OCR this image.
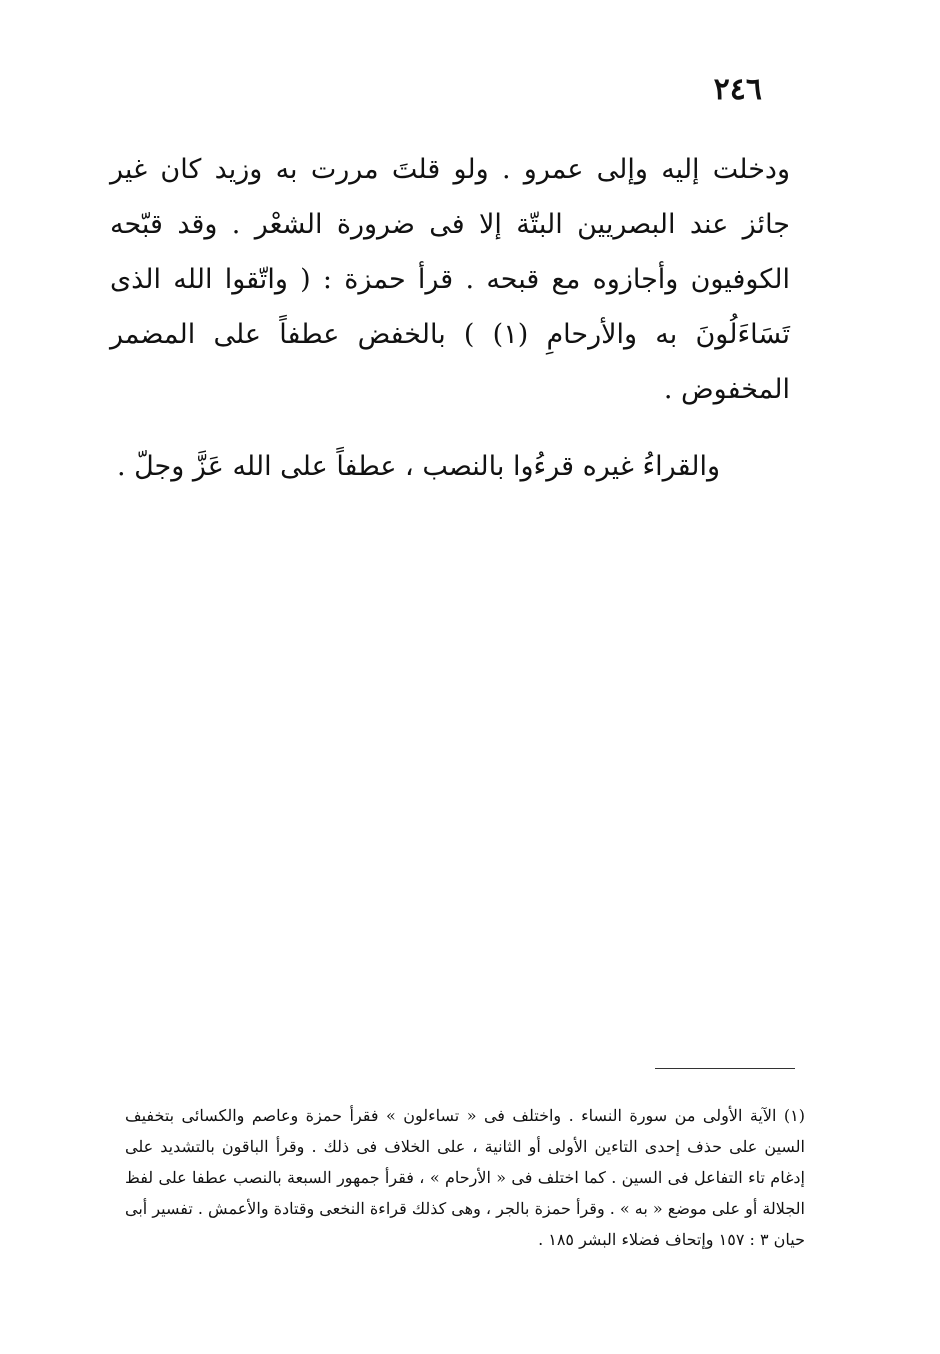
٢٤٦

ودخلت إليه وإلى عمرو . ولو قلتَ مررت به وزيد كان غير جائز عند البصريين البتّة إلا فى ضرورة الشعْر . وقد قبّحه الكوفيون وأجازوه مع قبحه . قرأ حمزة : ( واتّقوا الله الذى تَسَاءَلُونَ به والأرحامِ (١) ) بالخفض عطفاً على المضمر المخفوض .

والقراءُ غيره قرءُوا بالنصب ، عطفاً على الله عَزَّ وجلّ .

(١) الآية الأولى من سورة النساء . واختلف فى « تساءلون » فقرأ حمزة وعاصم والكسائى بتخفيف السين على حذف إحدى التاءين الأولى أو الثانية ، على الخلاف فى ذلك . وقرأ الباقون بالتشديد على إدغام تاء التفاعل فى السين . كما اختلف فى « الأرحام » ، فقرأ جمهور السبعة بالنصب عطفا على لفظ الجلالة أو على موضع « به » . وقرأ حمزة بالجر ، وهى كذلك قراءة النخعى وقتادة والأعمش . تفسير أبى حيان ٣ : ١٥٧ وإتحاف فضلاء البشر ١٨٥ .
